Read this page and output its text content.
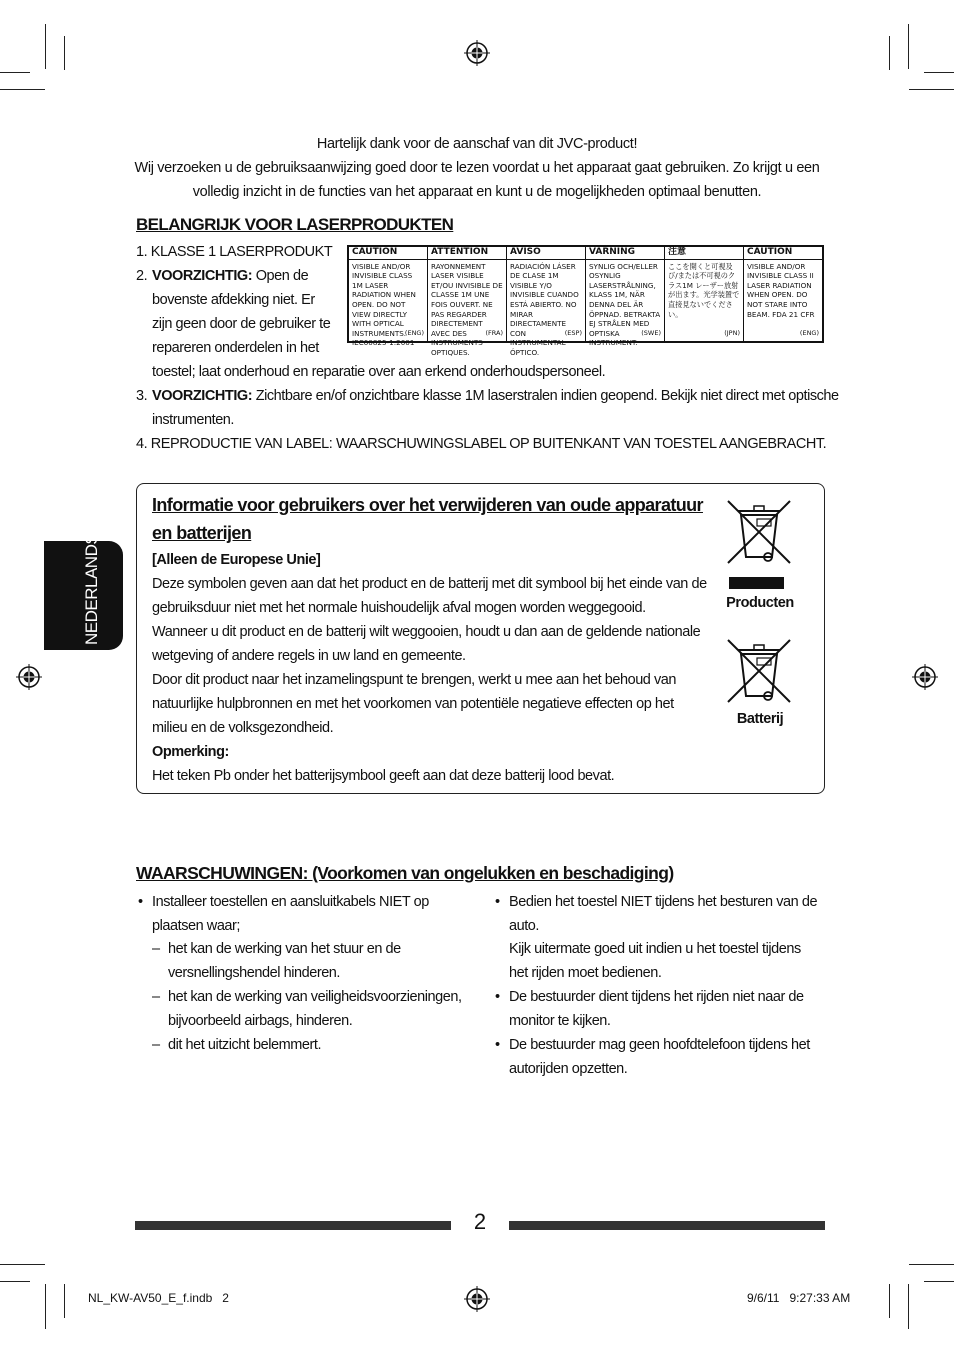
Hartelijk dank voor de aanschaf van dit JVC-product!
Wij verzoeken u de gebruiksaanwijzing goed door te lezen voordat u het apparaat gaat gebruiken. Zo krijgt u een
volledig inzicht in de functies van het apparaat en kunt u de mogelijkheden optimaal benutten.
BELANGRIJK VOOR LASERPRODUKTEN
1. KLASSE 1 LASERPRODUKT
2. VOORZICHTIG: Open de
bovenste afdekking niet. Er
zijn geen door de gebruiker te
repareren onderdelen in het
toestel; laat onderhoud en reparatie over aan erkend onderhoudspersoneel.
3. VOORZICHTIG: Zichtbare en/of onzichtbare klasse 1M laserstralen indien geopend. Bekijk niet direct met optische
instrumenten.
4. REPRODUCTIE VAN LABEL: WAARSCHUWINGSLABEL OP BUITENKANT VAN TOESTEL AANGEBRACHT.
CAUTION
VISIBLE AND/OR INVISIBLE CLASS 1M LASER RADIATION WHEN OPEN. DO NOT VIEW DIRECTLY WITH OPTICAL INSTRUMENTS. IEC60825-1:2001
(ENG)
ATTENTION
RAYONNEMENT LASER VISIBLE ET/OU INVISIBLE DE CLASSE 1M UNE FOIS OUVERT. NE PAS REGARDER DIRECTEMENT AVEC DES INSTRUMENTS OPTIQUES.
(FRA)
AVISO
RADIACIÓN LÁSER DE CLASE 1M VISIBLE Y/O INVISIBLE CUANDO ESTÁ ABIERTO. NO MIRAR DIRECTAMENTE CON INSTRUMENTAL ÓPTICO.
(ESP)
VARNING
SYNLIG OCH/ELLER OSYNLIG LASERSTRÅLNING, KLASS 1M, NÄR DENNA DEL ÄR ÖPPNAD. BETRAKTA EJ STRÅLEN MED OPTISKA INSTRUMENT.
(SWE)
注意
ここを開くと可視及び/または不可視のクラス1M レーザー放射が出ます。光学装置で直接見ないでください。
(JPN)
CAUTION
VISIBLE AND/OR INVISIBLE CLASS II LASER RADIATION WHEN OPEN. DO NOT STARE INTO BEAM. FDA 21 CFR
(ENG)
NEDERLANDS
Informatie voor gebruikers over het verwijderen van oude apparatuur
en batterijen
[Alleen de Europese Unie]
Deze symbolen geven aan dat het product en de batterij met dit symbool bij het einde van de
gebruiksduur niet met het normale huishoudelijk afval mogen worden weggegooid.
Wanneer u dit product en de batterij wilt weggooien, houdt u dan aan de geldende nationale
wetgeving of andere regels in uw land en gemeente.
Door dit product naar het inzamelingspunt te brengen, werkt u mee aan het behoud van
natuurlijke hulpbronnen en met het voorkomen van potentiële negatieve effecten op het
milieu en de volksgezondheid.
Opmerking:
Het teken Pb onder het batterijsymbool geeft aan dat deze batterij lood bevat.
Producten
Batterij
WAARSCHUWINGEN: (Voorkomen van ongelukken en beschadiging)
• Installeer toestellen en aansluitkabels NIET op
plaatsen waar;
– het kan de werking van het stuur en de
versnellingshendel hinderen.
– het kan de werking van veiligheidsvoorzieningen,
bijvoorbeeld airbags, hinderen.
– dit het uitzicht belemmert.
• Bedien het toestel NIET tijdens het besturen van de
auto.
Kijk uitermate goed uit indien u het toestel tijdens
het rijden moet bedienen.
• De bestuurder dient tijdens het rijden niet naar de
monitor te kijken.
• De bestuurder mag geen hoofdtelefoon tijdens het
autorijden opzetten.
2
NL_KW-AV50_E_f.indb   2	9/6/11   9:27:33 AM
